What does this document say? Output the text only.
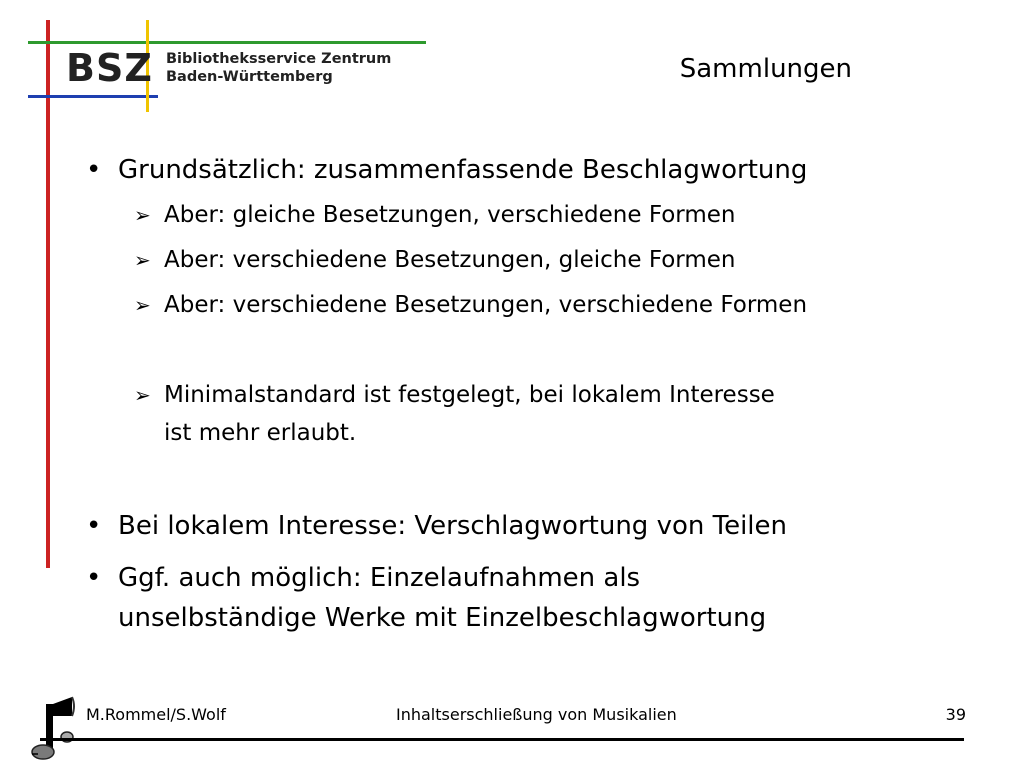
BSZ Bibliotheksservice Zentrum
Baden-Württemberg	Sammlungen
• Grundsätzlich: zusammenfassende Beschlagwortung
➢ Aber: gleiche Besetzungen, verschiedene Formen
➢ Aber: verschiedene Besetzungen, gleiche Formen
➢ Aber: verschiedene Besetzungen, verschiedene Formen
➢ Minimalstandard ist festgelegt, bei lokalem Interesse
ist mehr erlaubt.
• Bei lokalem Interesse: Verschlagwortung von Teilen
• Ggf. auch möglich: Einzelaufnahmen als
unselbständige Werke mit Einzelbeschlagwortung
M.Rommel/S.Wolf	Inhaltserschließung von Musikalien	39
